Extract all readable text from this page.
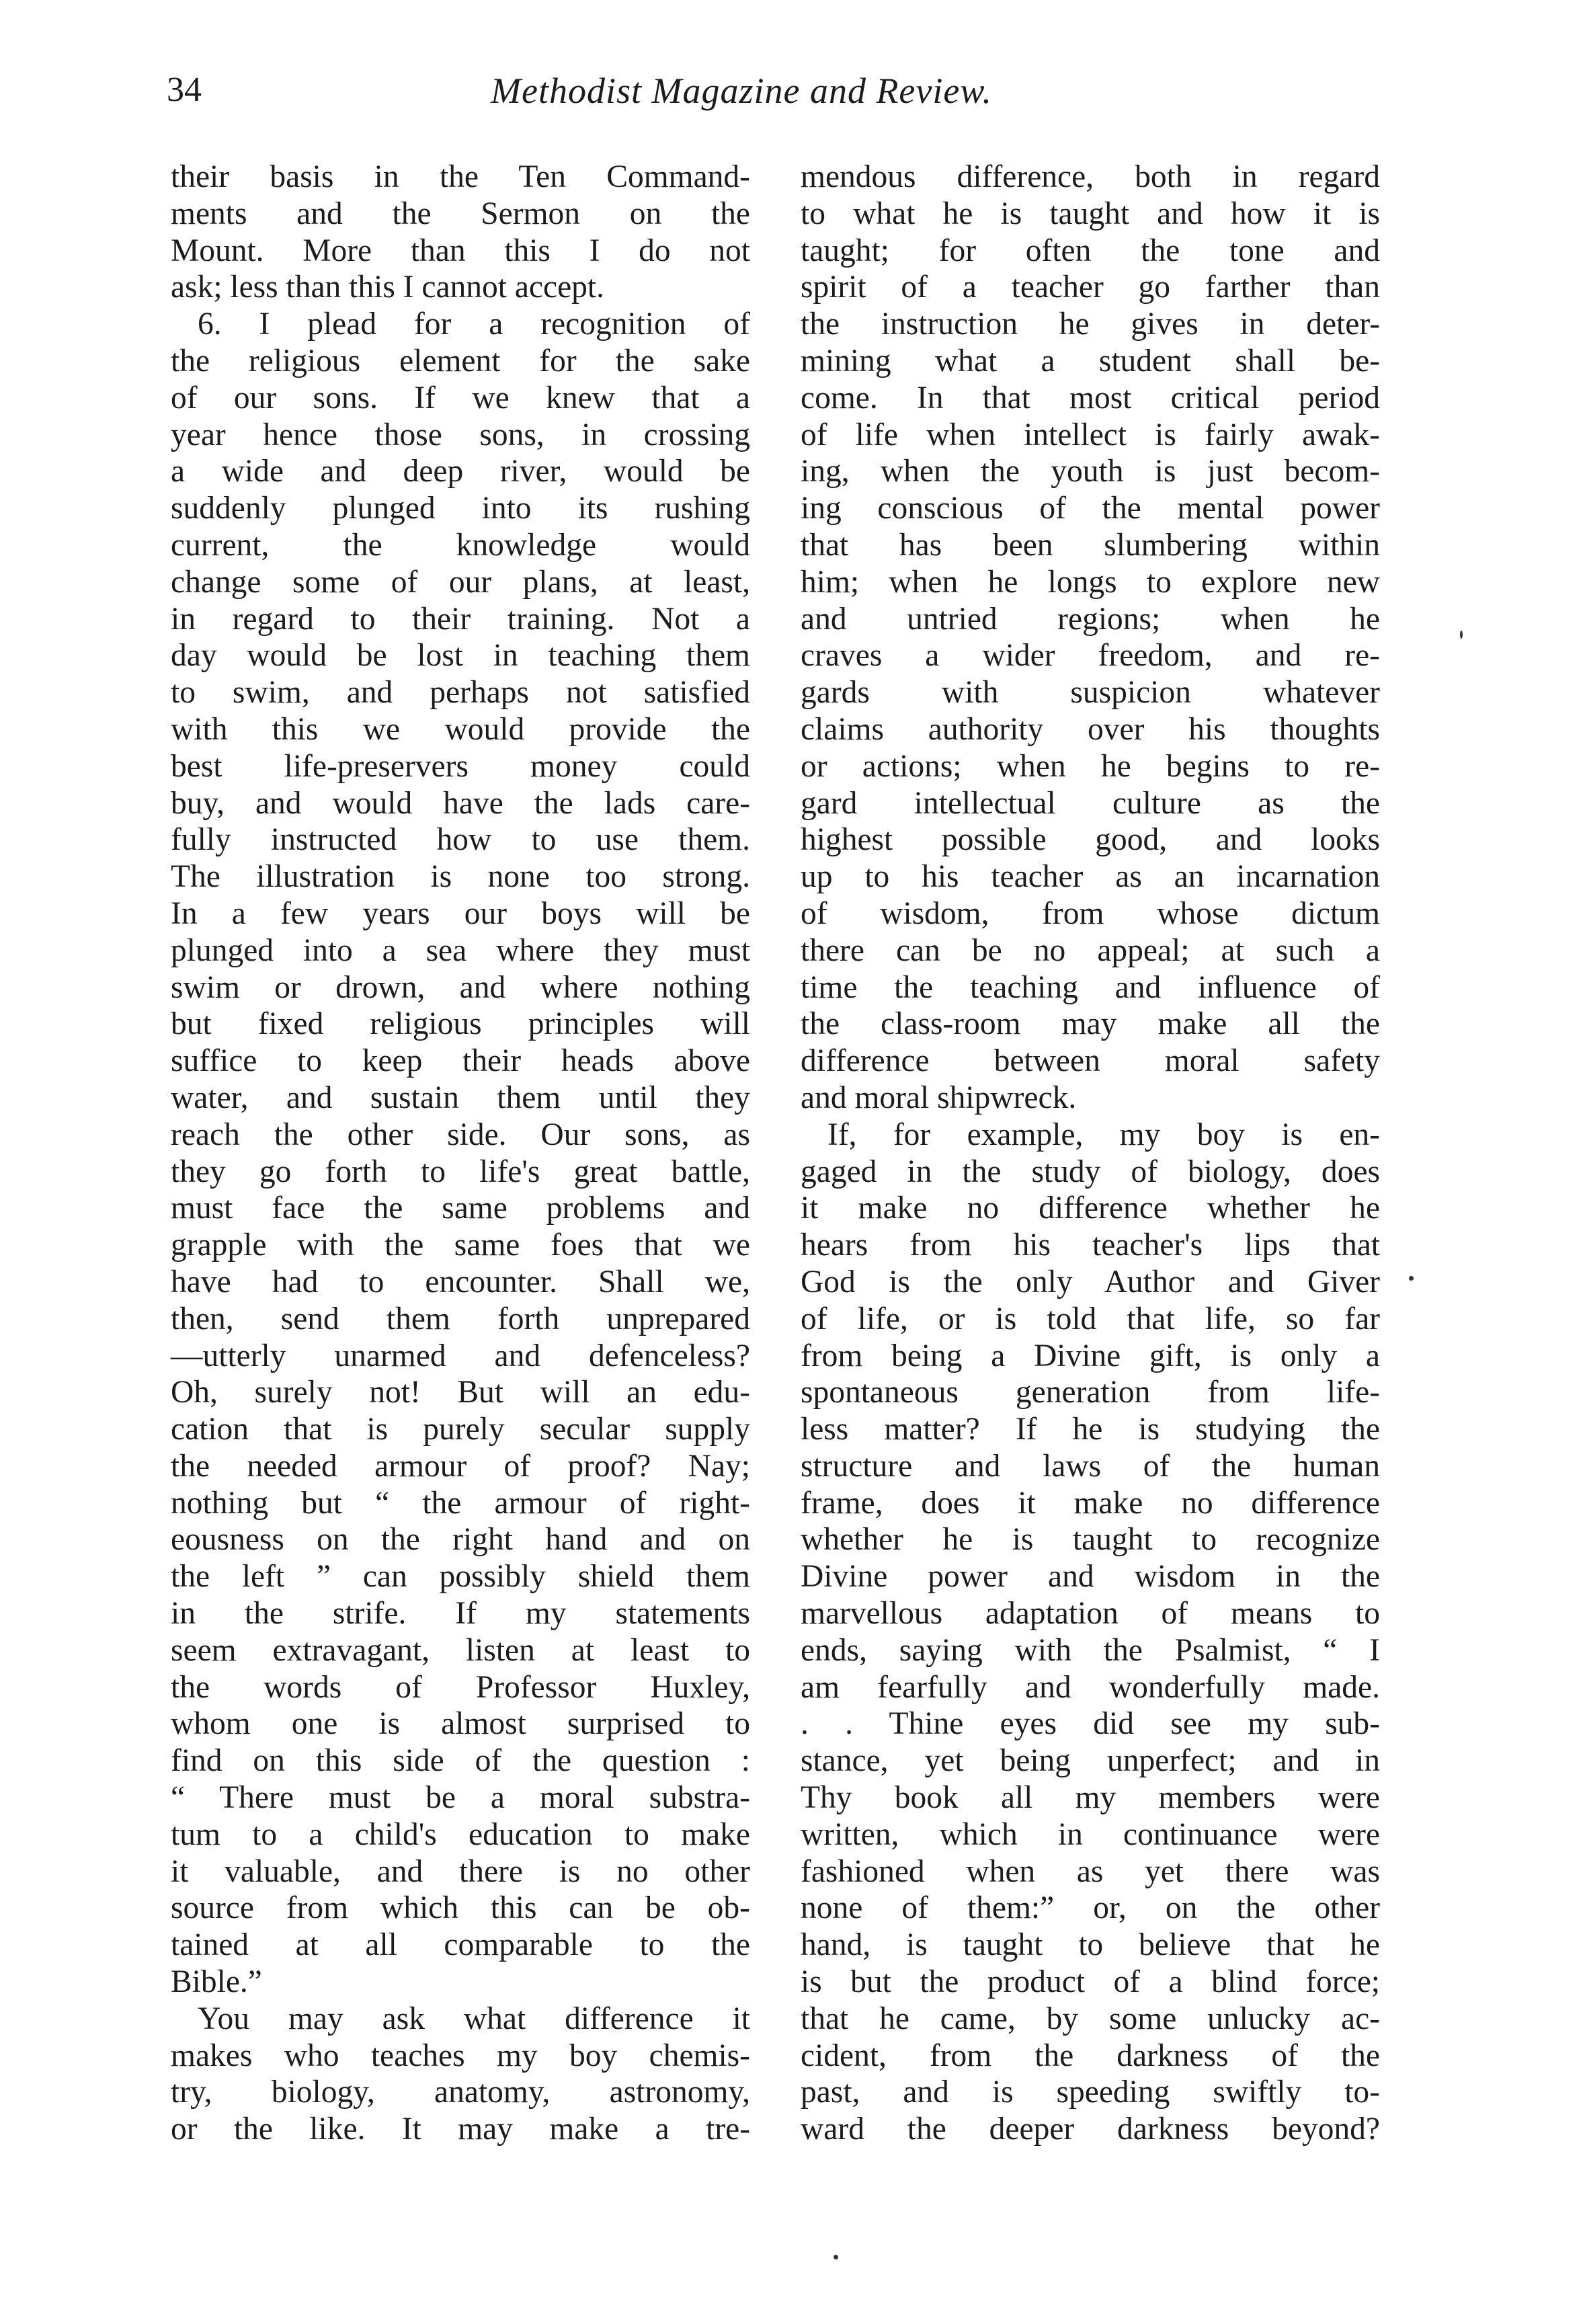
34	Methodist Magazine and Review.
their basis in the Ten Command-
ments and the Sermon on the
Mount. More than this I do not
ask; less than this I cannot accept.
6. I plead for a recognition of
the religious element for the sake
of our sons. If we knew that a
year hence those sons, in crossing
a wide and deep river, would be
suddenly plunged into its rushing
current, the knowledge would
change some of our plans, at least,
in regard to their training. Not a
day would be lost in teaching them
to swim, and perhaps not satisfied
with this we would provide the
best life-preservers money could
buy, and would have the lads care-
fully instructed how to use them.
The illustration is none too strong.
In a few years our boys will be
plunged into a sea where they must
swim or drown, and where nothing
but fixed religious principles will
suffice to keep their heads above
water, and sustain them until they
reach the other side. Our sons, as
they go forth to life's great battle,
must face the same problems and
grapple with the same foes that we
have had to encounter. Shall we,
then, send them forth unprepared
—utterly unarmed and defenceless?
Oh, surely not! But will an edu-
cation that is purely secular supply
the needed armour of proof? Nay;
nothing but “ the armour of right-
eousness on the right hand and on
the left ” can possibly shield them
in the strife. If my statements
seem extravagant, listen at least to
the words of Professor Huxley,
whom one is almost surprised to
find on this side of the question :
“ There must be a moral substra-
tum to a child's education to make
it valuable, and there is no other
source from which this can be ob-
tained at all comparable to the
Bible.”
You may ask what difference it
makes who teaches my boy chemis-
try, biology, anatomy, astronomy,
or the like. It may make a tre-
mendous difference, both in regard
to what he is taught and how it is
taught; for often the tone and
spirit of a teacher go farther than
the instruction he gives in deter-
mining what a student shall be-
come. In that most critical period
of life when intellect is fairly awak-
ing, when the youth is just becom-
ing conscious of the mental power
that has been slumbering within
him; when he longs to explore new
and untried regions; when he
craves a wider freedom, and re-
gards with suspicion whatever
claims authority over his thoughts
or actions; when he begins to re-
gard intellectual culture as the
highest possible good, and looks
up to his teacher as an incarnation
of wisdom, from whose dictum
there can be no appeal; at such a
time the teaching and influence of
the class-room may make all the
difference between moral safety
and moral shipwreck.
If, for example, my boy is en-
gaged in the study of biology, does
it make no difference whether he
hears from his teacher's lips that
God is the only Author and Giver
of life, or is told that life, so far
from being a Divine gift, is only a
spontaneous generation from life-
less matter? If he is studying the
structure and laws of the human
frame, does it make no difference
whether he is taught to recognize
Divine power and wisdom in the
marvellous adaptation of means to
ends, saying with the Psalmist, “ I
am fearfully and wonderfully made.
. . Thine eyes did see my sub-
stance, yet being unperfect; and in
Thy book all my members were
written, which in continuance were
fashioned when as yet there was
none of them:” or, on the other
hand, is taught to believe that he
is but the product of a blind force;
that he came, by some unlucky ac-
cident, from the darkness of the
past, and is speeding swiftly to-
ward the deeper darkness beyond?
